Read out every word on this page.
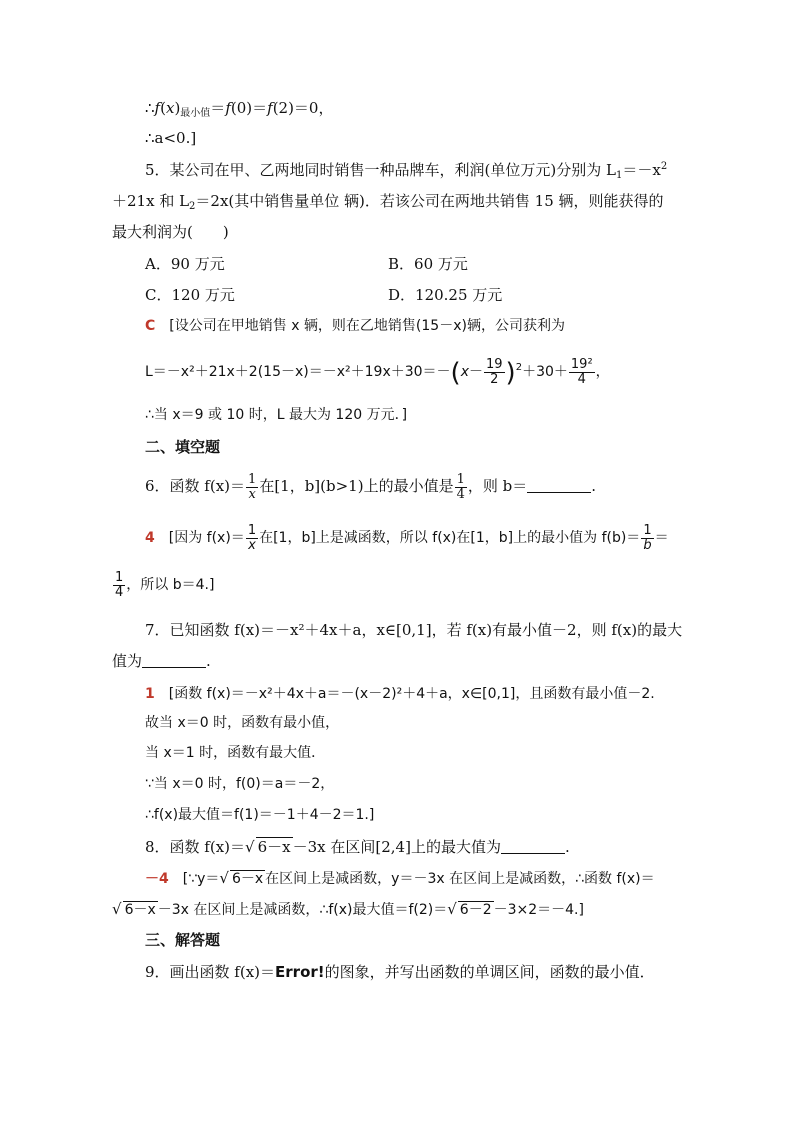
$\therefore f(x)_{最小值}=f(0)=f(2)=0$，
∴a<0.]
5．某公司在甲、乙两地同时销售一种品牌车，利润(单位万元)分别为 $L_1=-x^2$
＋21x 和 $L_2=2x$(其中销售量单位 辆)．若该公司在两地共销售 15 辆，则能获得的
最大利润为(　　)
A．90 万元	B．60 万元
C．120 万元	D．120.25 万元
C　 [设公司在甲地销售 x 辆，则在乙地销售(15－x)辆，公司获利为
$L=-x^2+21x+2(15-x)=-x^2+19x+30=-(x- \frac{19}{2} )^2+30+ \frac{\text{19²}}{4}$ ，
∴当 x＝9 或 10 时，L 最大为 120 万元．]
二、填空题
6．函数 $f(x)= \frac{1}{x}$ 在[1，b](b>1)上的最小值是 $\frac{1}{4}$ ，则 b＝	.
4　 [因为 $f(x)= \frac{1}{x}$ 在[1，b]上是减函数，所以 f(x)在[1，b]上的最小值为 $f(b)= \frac{1}{b}$ ＝
$\frac{1}{4}$ ，所以 b＝4.]
7．已知函数 f(x)＝－x²＋4x＋a，x∈[0,1]，若 f(x)有最小值－2，则 f(x)的最大
值为	.
1　 [函数 f(x)＝－x²＋4x＋a＝－(x－2)²＋4＋a，x∈[0,1]，且函数有最小值－2.
故当 x＝0 时，函数有最小值，
当 x＝1 时，函数有最大值．
∵当 x＝0 时，f(0)＝a＝－2，
∴f(x)最大值＝f(1)＝－1＋4－2＝1.]
8．函数 f(x)＝√ 6－x －3x 在区间[2,4]上的最大值为	.
－4　 [∵y＝√ 6－x 在区间上是减函数，y＝－3x 在区间上是减函数，∴函数 f(x)＝
√ 6－x －3x 在区间上是减函数，∴f(x)最大值＝f(2)＝√ 6－2 －3×2＝－4.]
三、解答题
9．画出函数 f(x)＝Error!的图象，并写出函数的单调区间，函数的最小值．
